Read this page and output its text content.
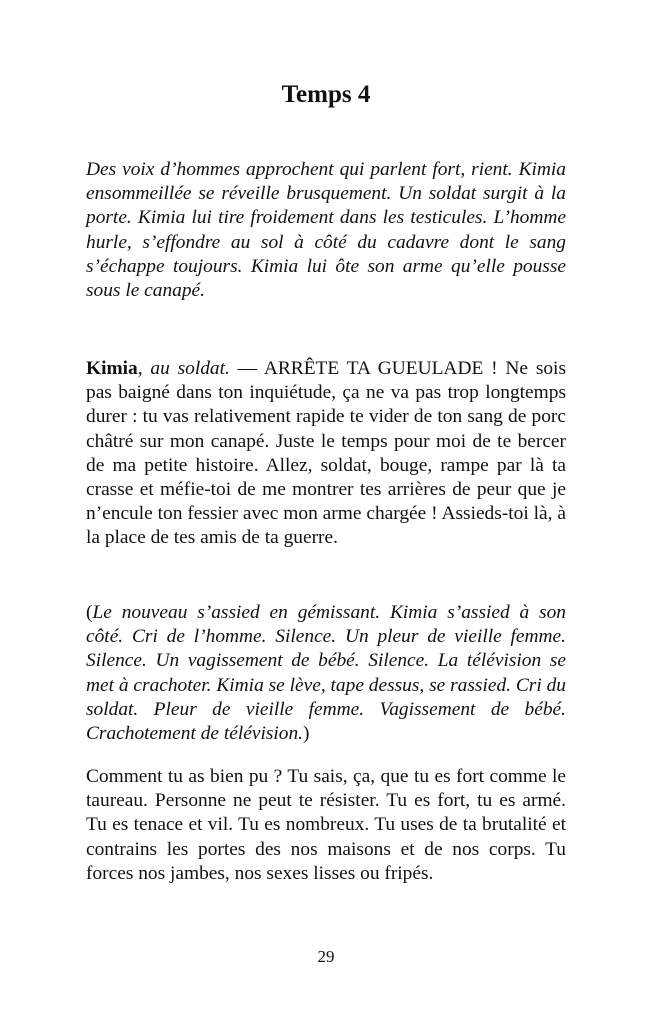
Temps 4

Des voix d’hommes approchent qui parlent fort, rient. Kimia ensommeillée se réveille brusquement. Un soldat surgit à la porte. Kimia lui tire froidement dans les testicules. L’homme hurle, s’effondre au sol à côté du cadavre dont le sang s’échappe toujours. Kimia lui ôte son arme qu’elle pousse sous le canapé.

Kimia, au soldat. — ARRÊTE TA GUEULADE ! Ne sois pas baigné dans ton inquiétude, ça ne va pas trop longtemps durer : tu vas relativement rapide te vider de ton sang de porc châtré sur mon canapé. Juste le temps pour moi de te bercer de ma petite histoire. Allez, soldat, bouge, rampe par là ta crasse et méfie-toi de me montrer tes arrières de peur que je n’encule ton fessier avec mon arme chargée ! Assieds-toi là, à la place de tes amis de ta guerre.

(Le nouveau s’assied en gémissant. Kimia s’assied à son côté. Cri de l’homme. Silence. Un pleur de vieille femme. Silence. Un vagissement de bébé. Silence. La télévision se met à crachoter. Kimia se lève, tape dessus, se rassied. Cri du soldat. Pleur de vieille femme. Vagissement de bébé. Crachotement de télévision.)

Comment tu as bien pu ? Tu sais, ça, que tu es fort comme le taureau. Personne ne peut te résister. Tu es fort, tu es armé. Tu es tenace et vil. Tu es nombreux. Tu uses de ta brutalité et contrains les portes des nos maisons et de nos corps. Tu forces nos jambes, nos sexes lisses ou fripés.

29
